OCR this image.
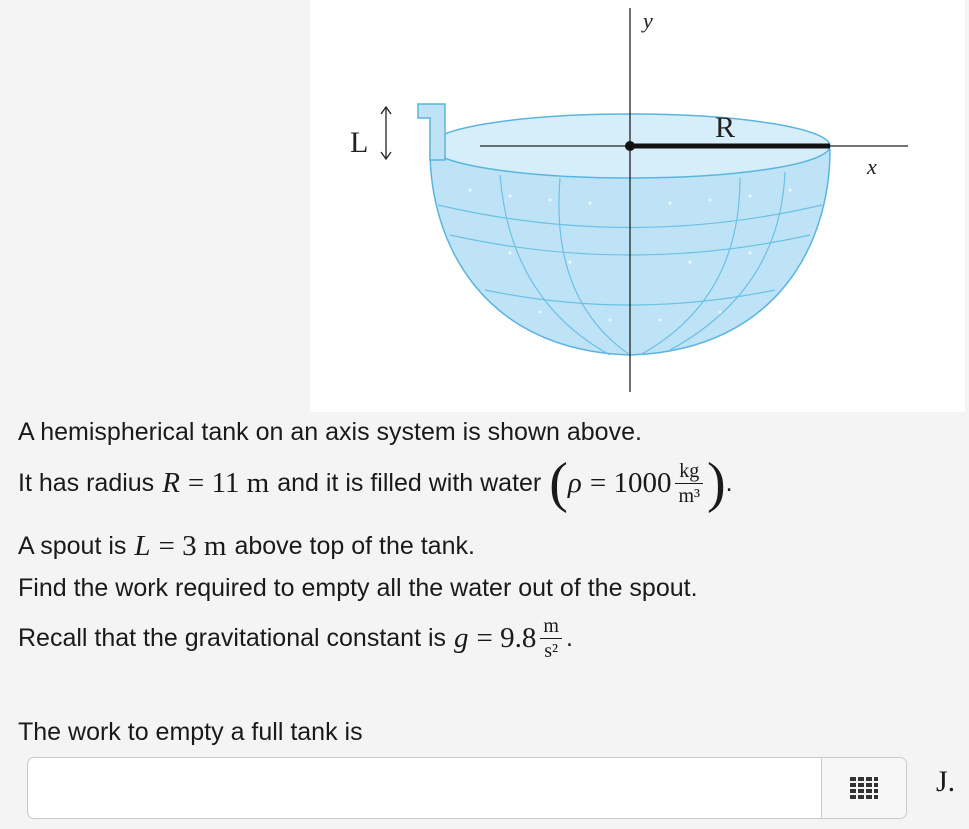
y
x
R
L
A hemispherical tank on an axis system is shown above.
It has radius R = 11 m and it is filled with water ( $\rho = 1000 \frac{kg}{\text{m³}}$ ) .
A spout is L = 3 m above top of the tank.
Find the work required to empty all the water out of the spout.
Recall that the gravitational constant is $g = 9.8 \frac{m}{\text{s²}}$ .
The work to empty a full tank is
J.
